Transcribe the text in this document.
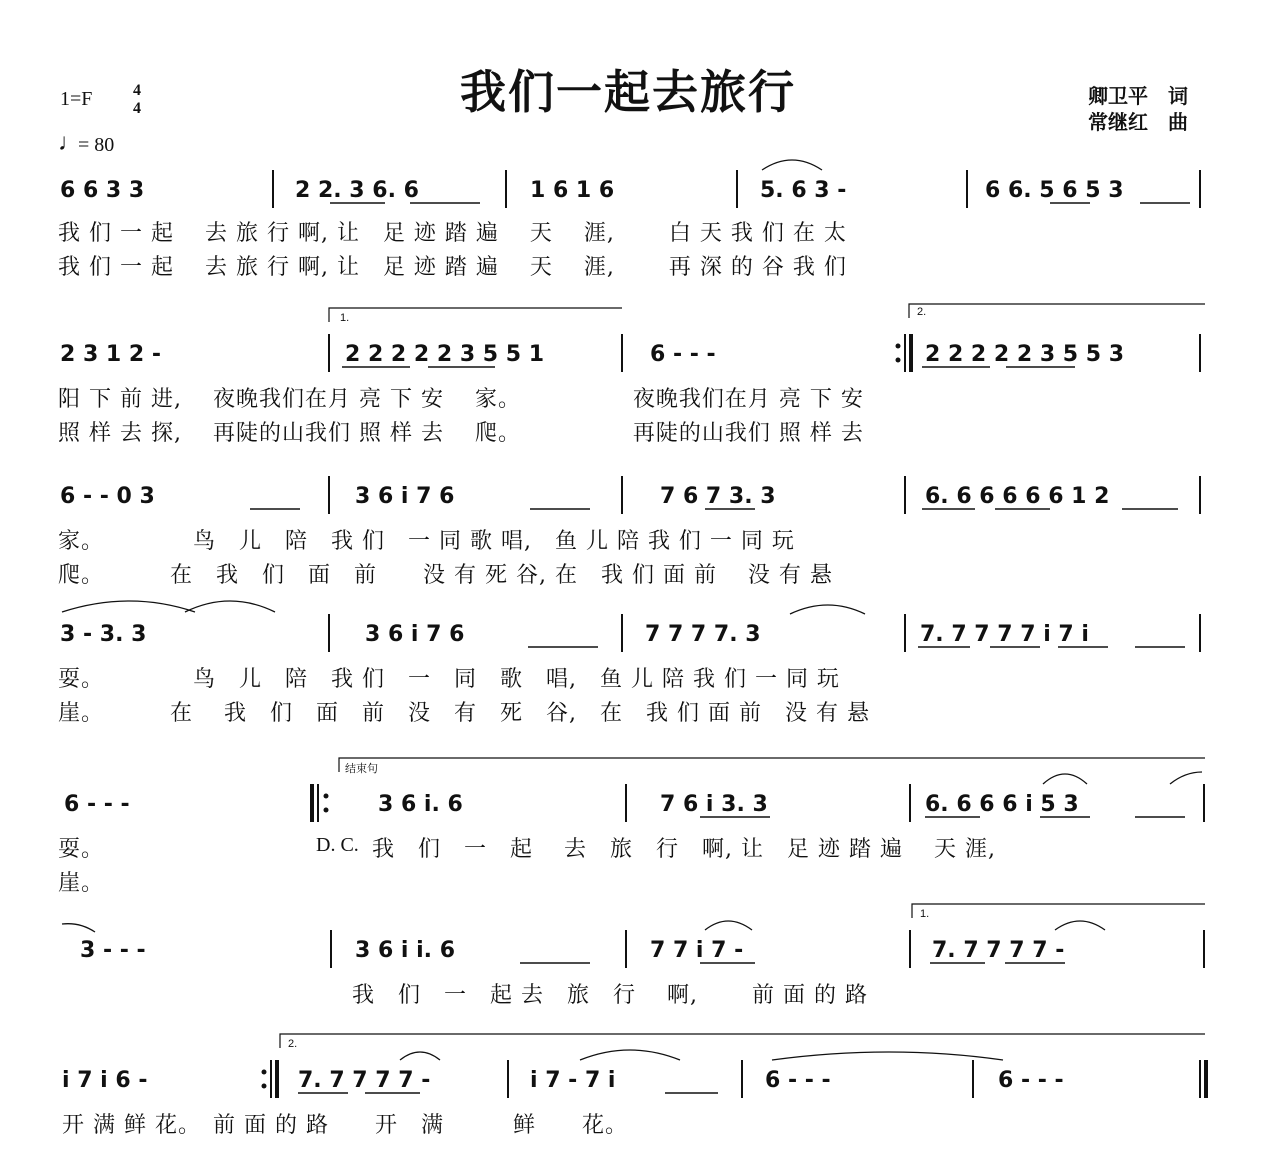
我们一起去旅行
1=F	4
4
♩
= 80
卿卫平　词
常继红　曲
6 6 3 3	2 2. 3 6. 6	1 6 1 6	5. 6 3 -	6 6. 5 6 5 3
我 们 一 起　 去 旅 行 啊, 让　足 迹 踏 遍　 天　 涯,　　 白 天 我 们 在 太
我 们 一 起　 去 旅 行 啊, 让　足 迹 踏 遍　 天　 涯,　　 再 深 的 谷 我 们
1.	2.
2 3 1 2 -	2 2 2 2 2 3 5 5 1	6 - - -	2 2 2 2 2 3 5 5 3
阳 下 前 进,　 夜晚我们在月 亮 下 安　 家。　　　　　 夜晚我们在月 亮 下 安
照 样 去 探,　 再陡的山我们 照 样 去　 爬。　　　　　 再陡的山我们 照 样 去
6 - - 0 3	3 6 i 7 6	7 6 7 3. 3	6. 6 6 6 6 6 1 2
家。　　　　 鸟　儿　陪　我 们　一 同 歌 唱,　鱼 儿 陪 我 们 一 同 玩
爬。　　　 在　我　们　面　前　　没 有 死 谷, 在　我 们 面 前　 没 有 悬
3 - 3. 3	3 6 i 7 6	7 7 7 7. 3	7. 7 7 7 7 i 7 i
耍。　　　　 鸟　儿　陪　我 们　一　同　歌　唱,　鱼 儿 陪 我 们 一 同 玩
崖。　　　 在　 我　们　面　前　没　有　死　谷,　在　我 们 面 前　没 有 悬
结束句
6 - - -	3 6 i. 6	7 6 i 3. 3	6. 6 6 6 i 5 3
耍。	D. C. 我　们　一　起　 去　旅　行　啊, 让　足 迹 踏 遍　 天 涯,
崖。
1.
3 - - -	3 6 i i. 6	7 7 i 7 -	7. 7 7 7 7 -
我　们　一　起 去　旅　行　 啊,　　 前 面 的 路
2.
i 7 i 6 -	7. 7 7 7 7 -	i 7 - 7 i	6 - - -	6 - - -
开 满 鲜 花。　前 面 的 路　　开　满　　　鲜　　花。
